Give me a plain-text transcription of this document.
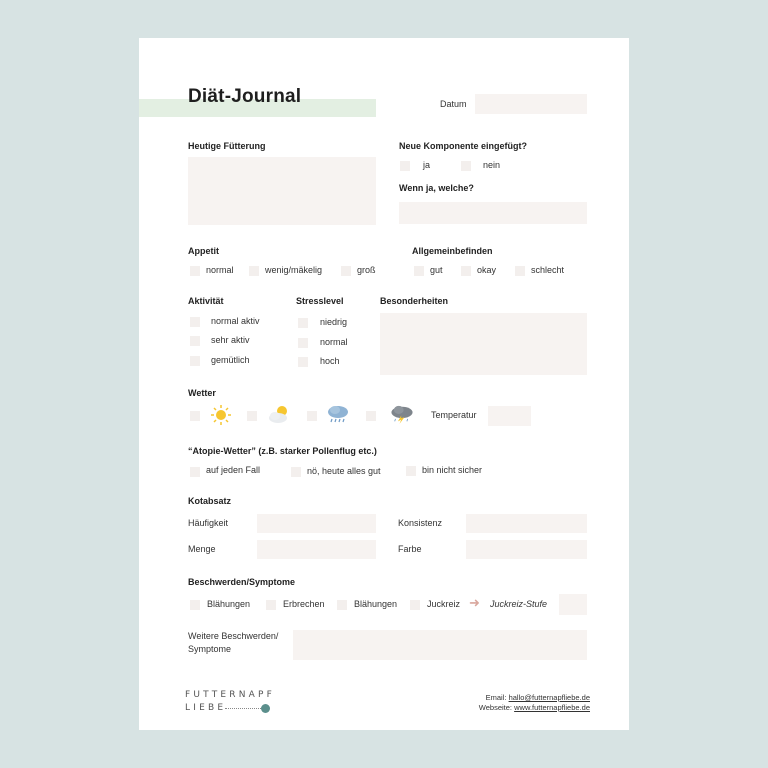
Diät-Journal	Datum
Heutige Fütterung	Neue Komponente eingefügt?
ja	nein
Wenn ja, welche?
Appetit
normal	wenig/mäkelig	groß
Allgemeinbefinden
gut	okay	schlecht
Aktivität
normal aktiv
sehr aktiv
gemütlich
Stresslevel
niedrig
normal
hoch
Besonderheiten
Wetter
Temperatur
“Atopie-Wetter” (z.B. starker Pollenflug etc.)
auf jeden Fall	nö, heute alles gut	bin nicht sicher
Kotabsatz
Häufigkeit	Konsistenz
Menge	Farbe
Beschwerden/Symptome
Blähungen	Erbrechen	Blähungen	Juckreiz ➜ Juckreiz-Stufe
Weitere Beschwerden/
Symptome
FUTTERNAPF
LIEBE
Email: hallo@futternapfliebe.de
Webseite: www.futternapfliebe.de
